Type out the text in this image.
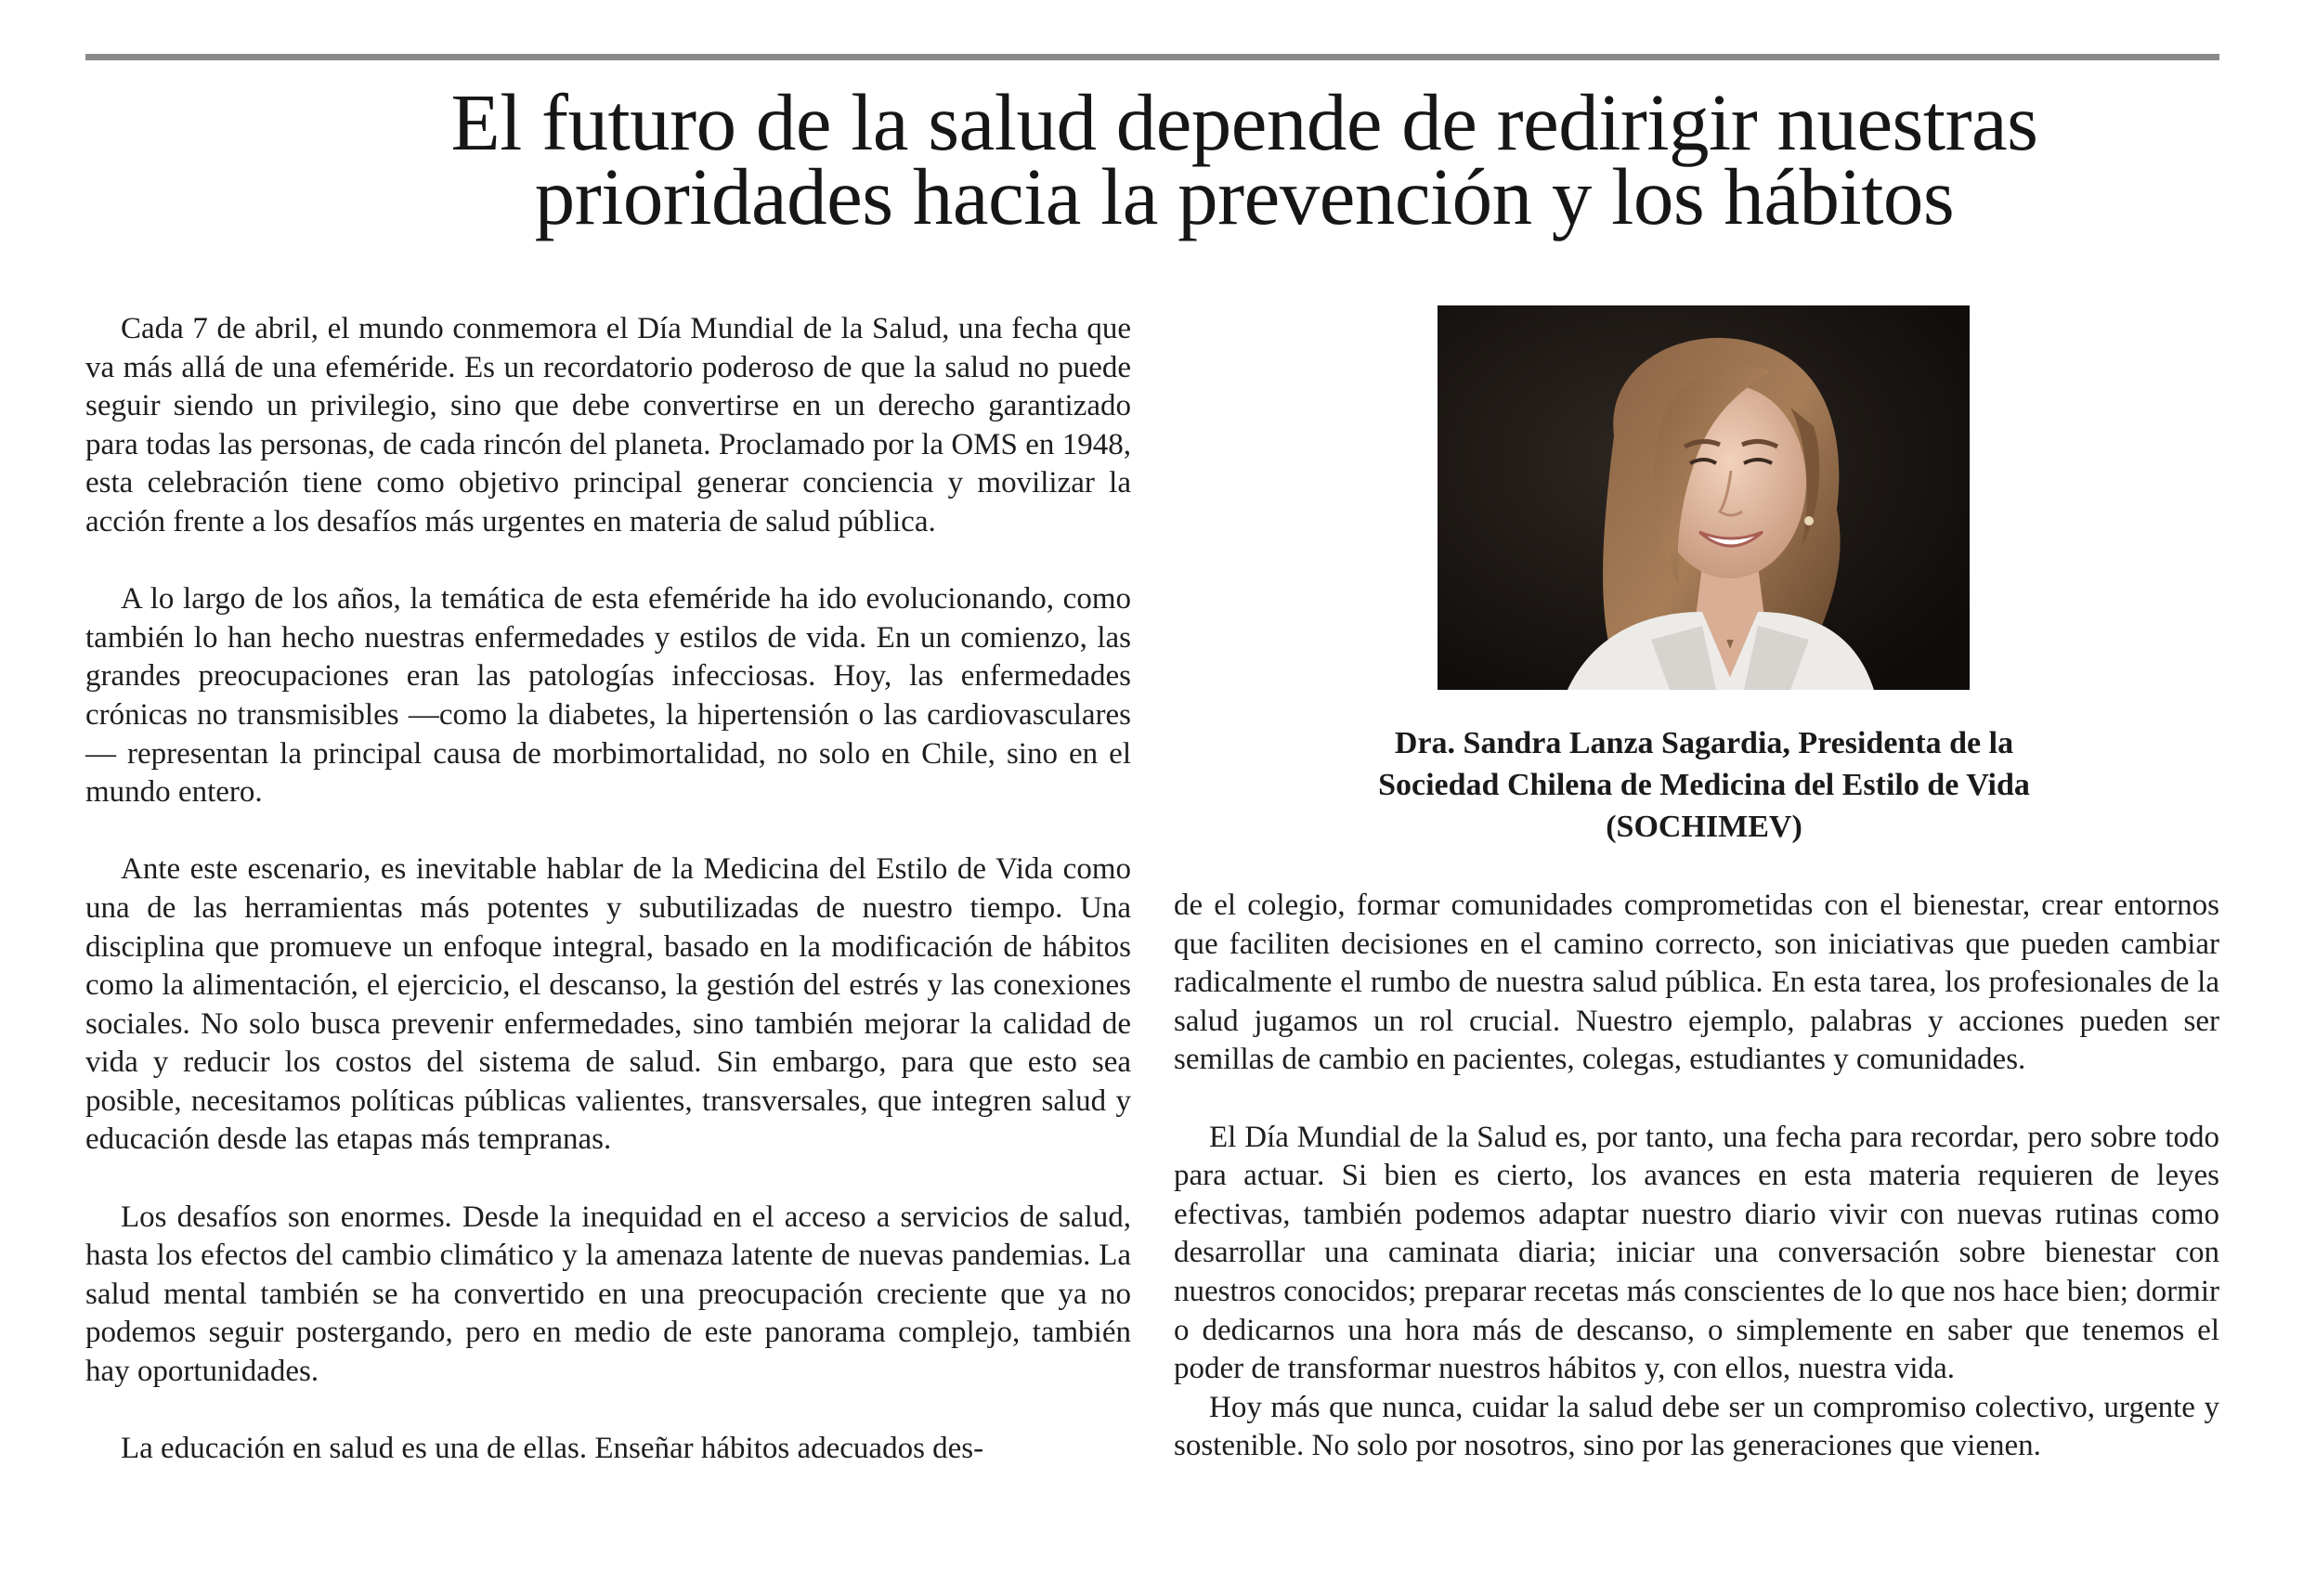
El futuro de la salud depende de redirigir nuestras
prioridades hacia la prevención y los hábitos

Cada 7 de abril, el mundo conmemora el Día Mundial de la Salud, una fecha que va más allá de una efeméride. Es un recordatorio poderoso de que la salud no puede seguir siendo un privilegio, sino que debe convertirse en un derecho garantizado para todas las personas, de cada rincón del planeta. Proclamado por la OMS en 1948, esta celebración tiene como objetivo principal generar conciencia y movilizar la acción frente a los desafíos más urgentes en materia de salud pública.

A lo largo de los años, la temática de esta efeméride ha ido evolucionando, como también lo han hecho nuestras enfermedades y estilos de vida. En un comienzo, las grandes preocupaciones eran las patologías infecciosas. Hoy, las enfermedades crónicas no transmisibles —como la diabetes, la hipertensión o las cardiovasculares— representan la principal causa de morbimortalidad, no solo en Chile, sino en el mundo entero.

Ante este escenario, es inevitable hablar de la Medicina del Estilo de Vida como una de las herramientas más potentes y subutilizadas de nuestro tiempo. Una disciplina que promueve un enfoque integral, basado en la modificación de hábitos como la alimentación, el ejercicio, el descanso, la gestión del estrés y las conexiones sociales. No solo busca prevenir enfermedades, sino también mejorar la calidad de vida y reducir los costos del sistema de salud. Sin embargo, para que esto sea posible, necesitamos políticas públicas valientes, transversales, que integren salud y educación desde las etapas más tempranas.

Los desafíos son enormes. Desde la inequidad en el acceso a servicios de salud, hasta los efectos del cambio climático y la amenaza latente de nuevas pandemias. La salud mental también se ha convertido en una preocupación creciente que ya no podemos seguir postergando, pero en medio de este panorama complejo, también hay oportunidades.

La educación en salud es una de ellas. Enseñar hábitos adecuados des-

Dra. Sandra Lanza Sagardia, Presidenta de la Sociedad Chilena de Medicina del Estilo de Vida (SOCHIMEV)

de el colegio, formar comunidades comprometidas con el bienestar, crear entornos que faciliten decisiones en el camino correcto, son iniciativas que pueden cambiar radicalmente el rumbo de nuestra salud pública. En esta tarea, los profesionales de la salud jugamos un rol crucial. Nuestro ejemplo, palabras y acciones pueden ser semillas de cambio en pacientes, colegas, estudiantes y comunidades.

El Día Mundial de la Salud es, por tanto, una fecha para recordar, pero sobre todo para actuar. Si bien es cierto, los avances en esta materia requieren de leyes efectivas, también podemos adaptar nuestro diario vivir con nuevas rutinas como desarrollar una caminata diaria; iniciar una conversación sobre bienestar con nuestros conocidos; preparar recetas más conscientes de lo que nos hace bien; dormir o dedicarnos una hora más de descanso, o simplemente en saber que tenemos el poder de transformar nuestros hábitos y, con ellos, nuestra vida.

Hoy más que nunca, cuidar la salud debe ser un compromiso colectivo, urgente y sostenible. No solo por nosotros, sino por las generaciones que vienen.
